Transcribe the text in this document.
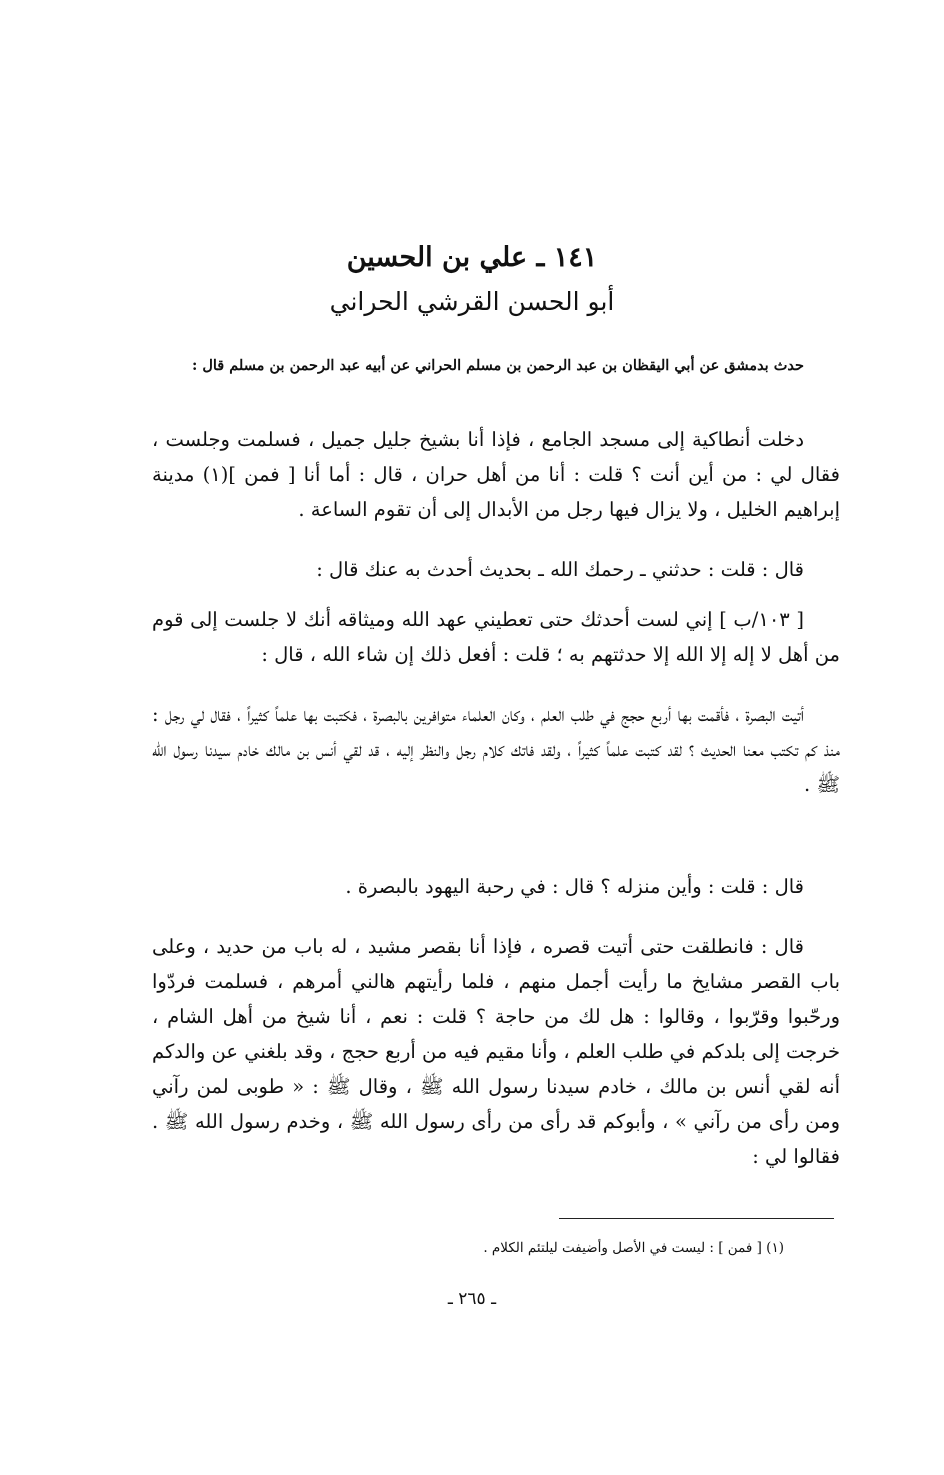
١٤١ ـ علي بن الحسين
أبو الحسن القرشي الحراني
حدث بدمشق عن أبي اليقظان بن عبد الرحمن بن مسلم الحراني عن أبيه عبد الرحمن بن مسلم قال :

دخلت أنطاكية إلى مسجد الجامع ، فإذا أنا بشيخ جليل جميل ، فسلمت وجلست ، فقال لي : من أين أنت ؟ قلت : أنا من أهل حران ، قال : أما أنا [ فمن ](١) مدينة إبراهيم الخليل ، ولا يزال فيها رجل من الأبدال إلى أن تقوم الساعة .

قال : قلت : حدثني ـ رحمك الله ـ بحديث أحدث به عنك قال :

[ ١٠٣/ب ] إني لست أحدثك حتى تعطيني عهد الله وميثاقه أنك لا جلست إلى قوم من أهل لا إله إلا الله إلا حدثتهم به ؛ قلت : أفعل ذلك إن شاء الله ، قال :

أتيت البصرة ، فأقمت بها أربع حجج في طلب العلم ، وكان العلماء متوافرين بالبصرة ، فكتبت بها علماً كثيراً ، فقال لي رجل : منذ كم تكتب معنا الحديث ؟ لقد كتبت علماً كثيراً ، ولقد فاتك كلام رجل والنظر إليه ، قد لقي أنس بن مالك خادم سيدنا رسول الله ﷺ .

قال : قلت : وأين منزله ؟ قال : في رحبة اليهود بالبصرة .

قال : فانطلقت حتى أتيت قصره ، فإذا أنا بقصر مشيد ، له باب من حديد ، وعلى باب القصر مشايخ ما رأيت أجمل منهم ، فلما رأيتهم هالني أمرهم ، فسلمت فردّوا ورحّبوا وقرّبوا ، وقالوا : هل لك من حاجة ؟ قلت : نعم ، أنا شيخ من أهل الشام ، خرجت إلى بلدكم في طلب العلم ، وأنا مقيم فيه من أربع حجج ، وقد بلغني عن والدكم أنه لقي أنس بن مالك ، خادم سيدنا رسول الله ﷺ ، وقال ﷺ : « طوبى لمن رآني ومن رأى من رآني » ، وأبوكم قد رأى من رأى رسول الله ﷺ ، وخدم رسول الله ﷺ . فقالوا لي :

(١) [ فمن ] : ليست في الأصل وأضيفت ليلتئم الكلام .
ـ ٢٦٥ ـ
